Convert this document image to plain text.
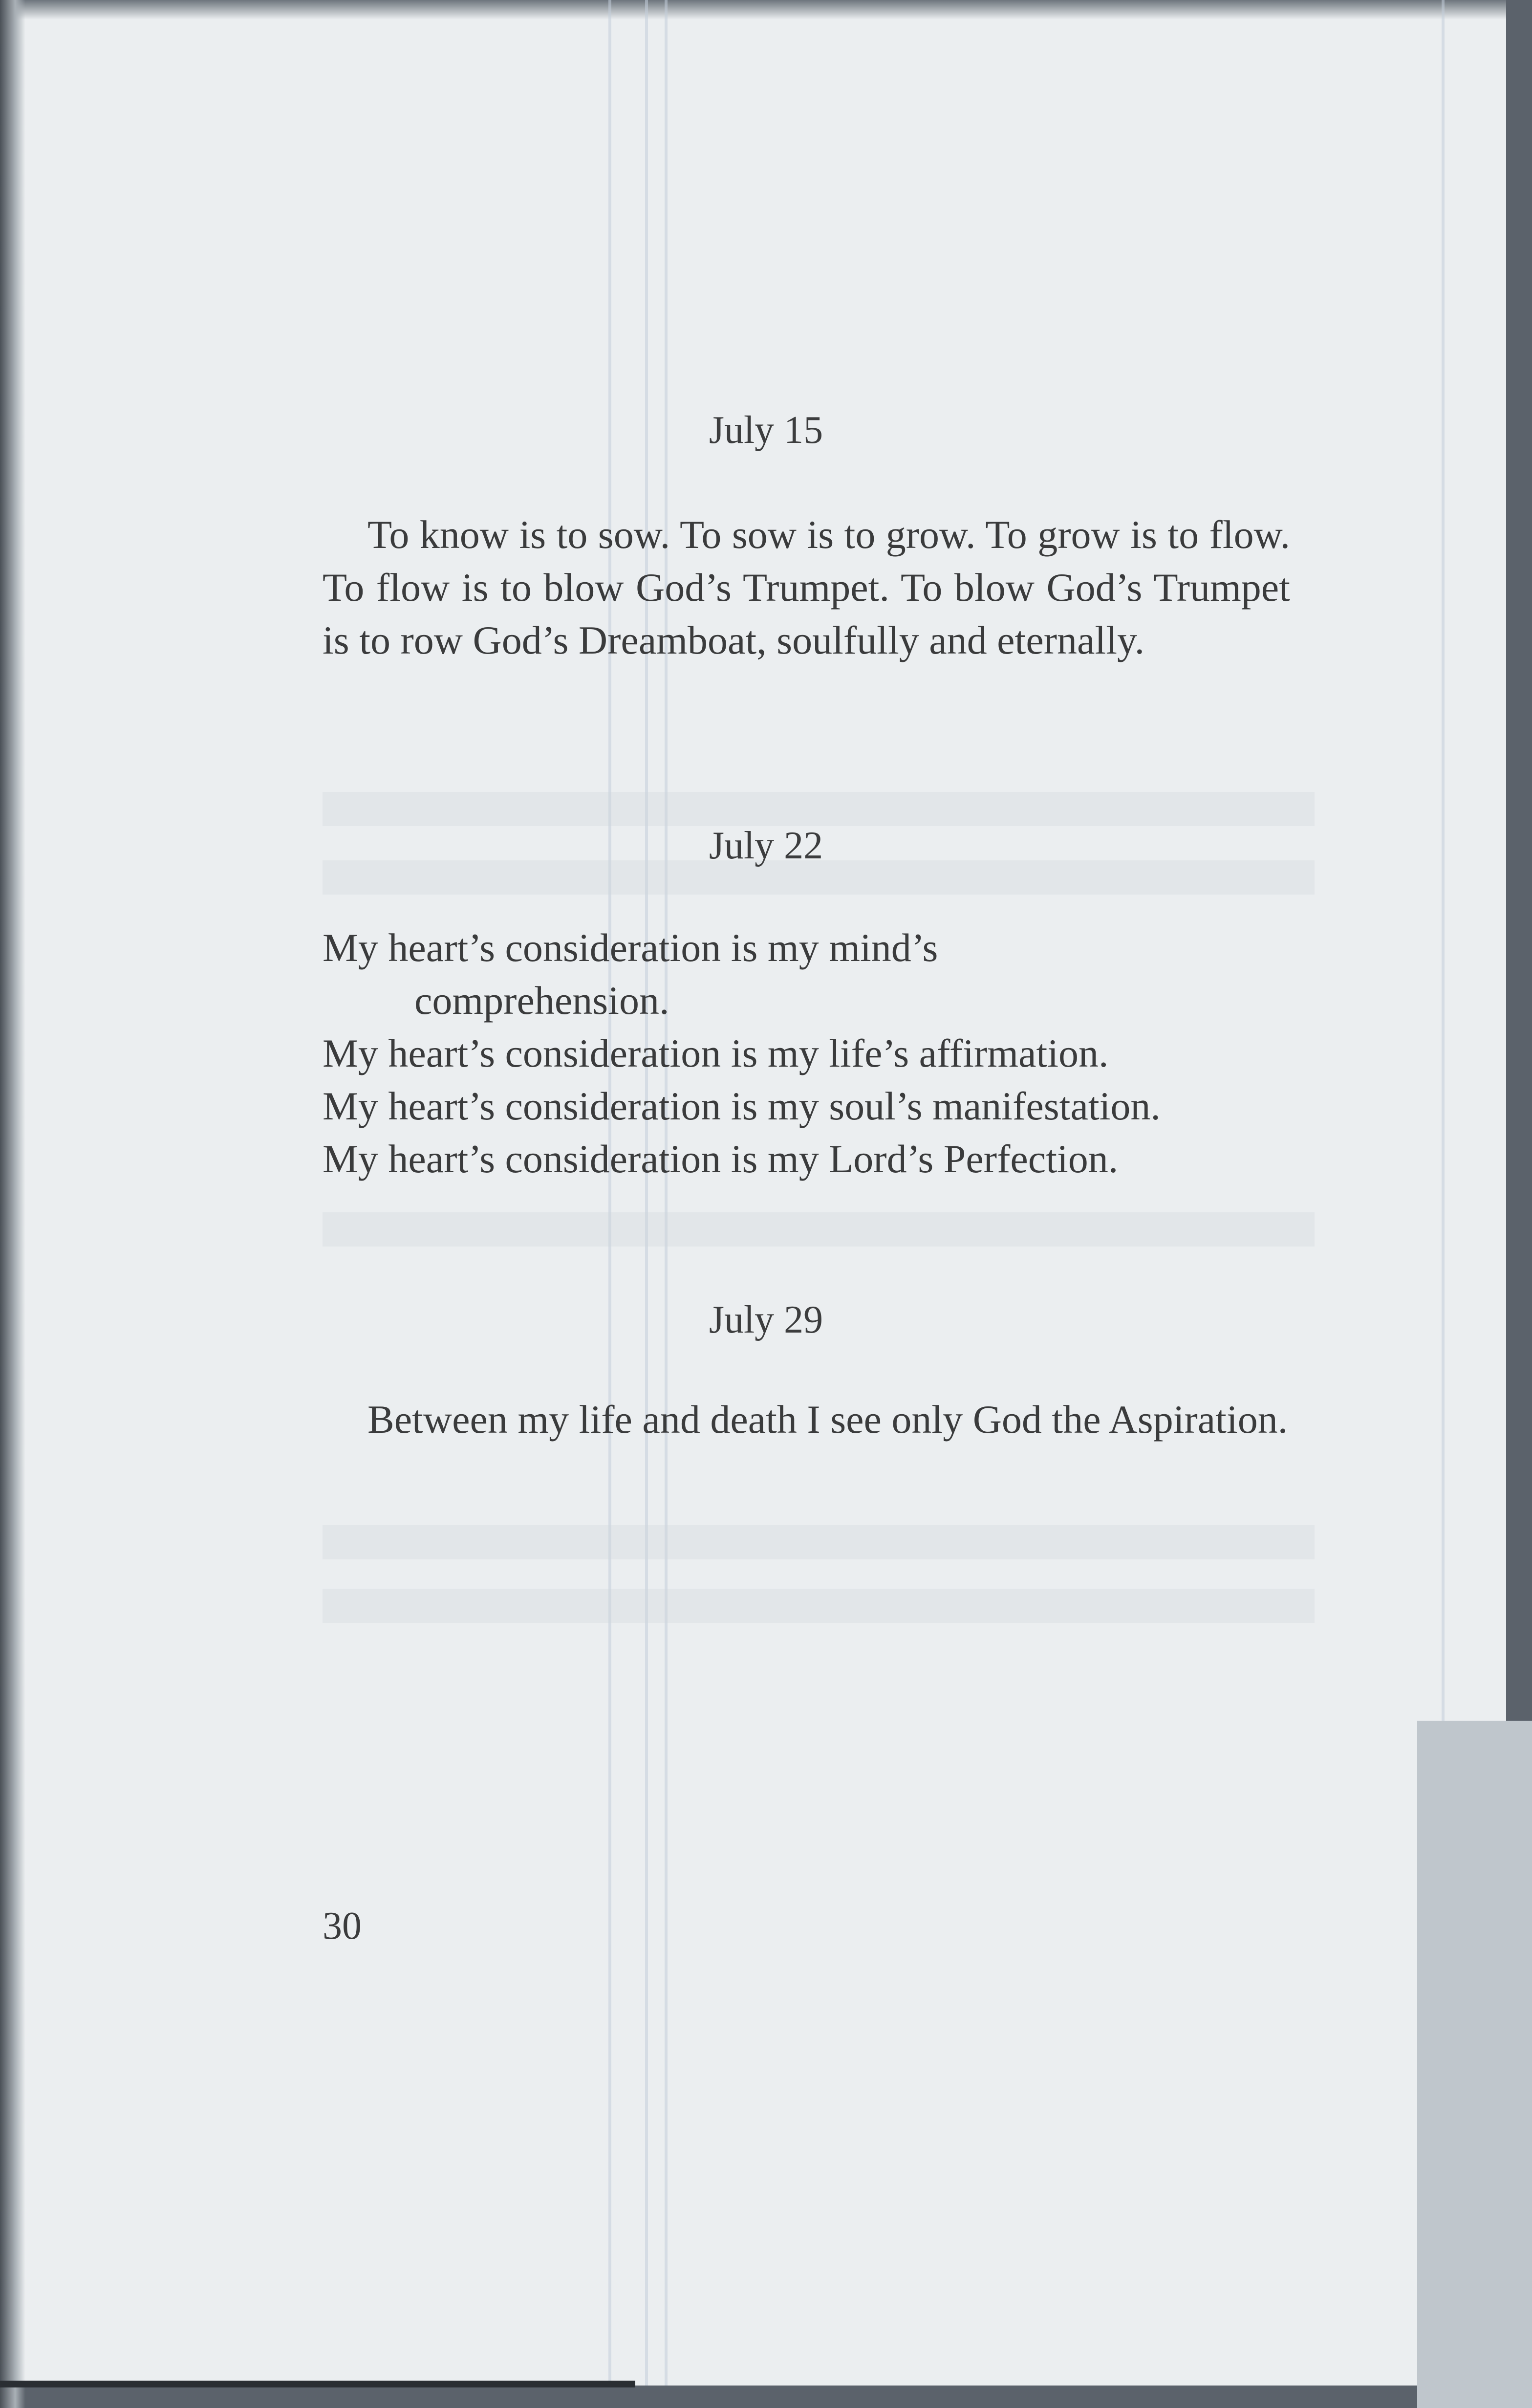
July 15

To know is to sow. To sow is to grow. To grow is to flow. To flow is to blow God’s Trumpet. To blow God’s Trumpet is to row God’s Dreamboat, soulfully and eternally.

July 22
My heart’s consideration is my mind’s
comprehension.
My heart’s consideration is my life’s affirmation.
My heart’s consideration is my soul’s manifestation.
My heart’s consideration is my Lord’s Perfection.
July 29

Between my life and death I see only God the Aspiration.

30
